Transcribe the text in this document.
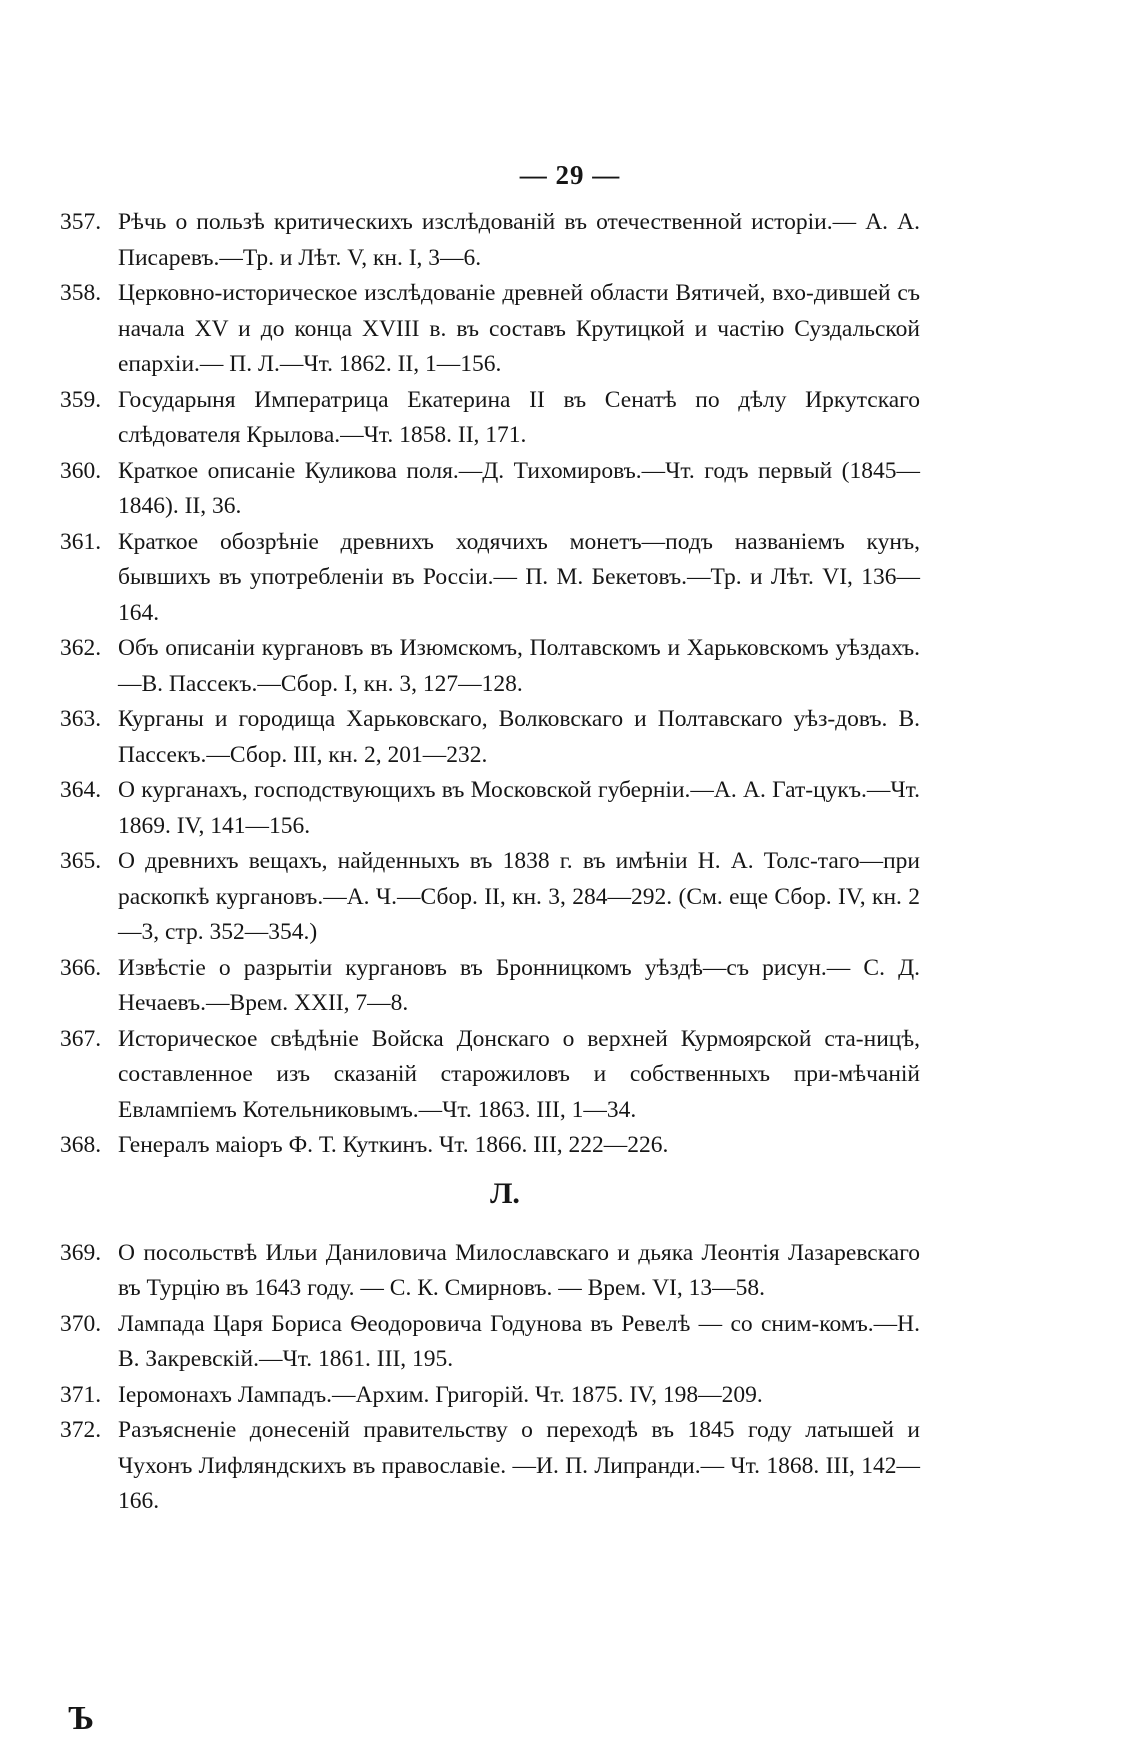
— 29 —
357. Рѣчь о пользѣ критическихъ изслѣдованій въ отечественной исторіи.— А. А. Писаревъ.—Тр. и Лѣт. V, кн. I, 3—6.
358. Церковно-историческое изслѣдованіе древней области Вятичей, вхо-дившей съ начала XV и до конца XVIII в. въ составъ Крутицкой и частію Суздальской епархіи.— П. Л.—Чт. 1862. II, 1—156.
359. Государыня Императрица Екатерина II въ Сенатѣ по дѣлу Иркутскаго слѣдователя Крылова.—Чт. 1858. II, 171.
360. Краткое описаніе Куликова поля.—Д. Тихомировъ.—Чт. годъ первый (1845—1846). II, 36.
361. Краткое обозрѣніе древнихъ ходячихъ монетъ—подъ названіемъ кунъ, бывшихъ въ употребленіи въ Россіи.— П. М. Бекетовъ.—Тр. и Лѣт. VI, 136—164.
362. Объ описаніи кургановъ въ Изюмскомъ, Полтавскомъ и Харьковскомъ уѣздахъ.—В. Пассекъ.—Сбор. I, кн. 3, 127—128.
363. Курганы и городища Харьковскаго, Волковскаго и Полтавскаго уѣз-довъ. В. Пассекъ.—Сбор. III, кн. 2, 201—232.
364. О курганахъ, господствующихъ въ Московской губерніи.—А. А. Гат-цукъ.—Чт. 1869. IV, 141—156.
365. О древнихъ вещахъ, найденныхъ въ 1838 г. въ имѣніи Н. А. Толс-таго—при раскопкѣ кургановъ.—А. Ч.—Сбор. II, кн. 3, 284—292. (См. еще Сбор. IV, кн. 2—3, стр. 352—354.)
366. Извѣстіе о разрытіи кургановъ въ Бронницкомъ уѣздѣ—съ рисун.— С. Д. Нечаевъ.—Врем. XXII, 7—8.
367. Историческое свѣдѣніе Войска Донскаго о верхней Курмоярской ста-ницѣ, составленное изъ сказаній старожиловъ и собственныхъ при-мѣчаній Евлампіемъ Котельниковымъ.—Чт. 1863. III, 1—34.
368. Генералъ маіоръ Ф. Т. Куткинъ. Чт. 1866. III, 222—226.
Л.
369. О посольствѣ Ильи Даниловича Милославскаго и дьяка Леонтія Лазаревскаго въ Турцію въ 1643 году. — С. К. Смирновъ. — Врем. VI, 13—58.
370. Лампада Царя Бориса Ѳеодоровича Годунова въ Ревелѣ — со сним-комъ.—Н. В. Закревскій.—Чт. 1861. III, 195.
371. Іеромонахъ Лампадъ.—Архим. Григорій. Чт. 1875. IV, 198—209.
372. Разъясненіе донесеній правительству о переходѣ въ 1845 году латышей и Чухонъ Лифляндскихъ въ православіе. —И. П. Липранди.— Чт. 1868. III, 142—166.
Ъ
